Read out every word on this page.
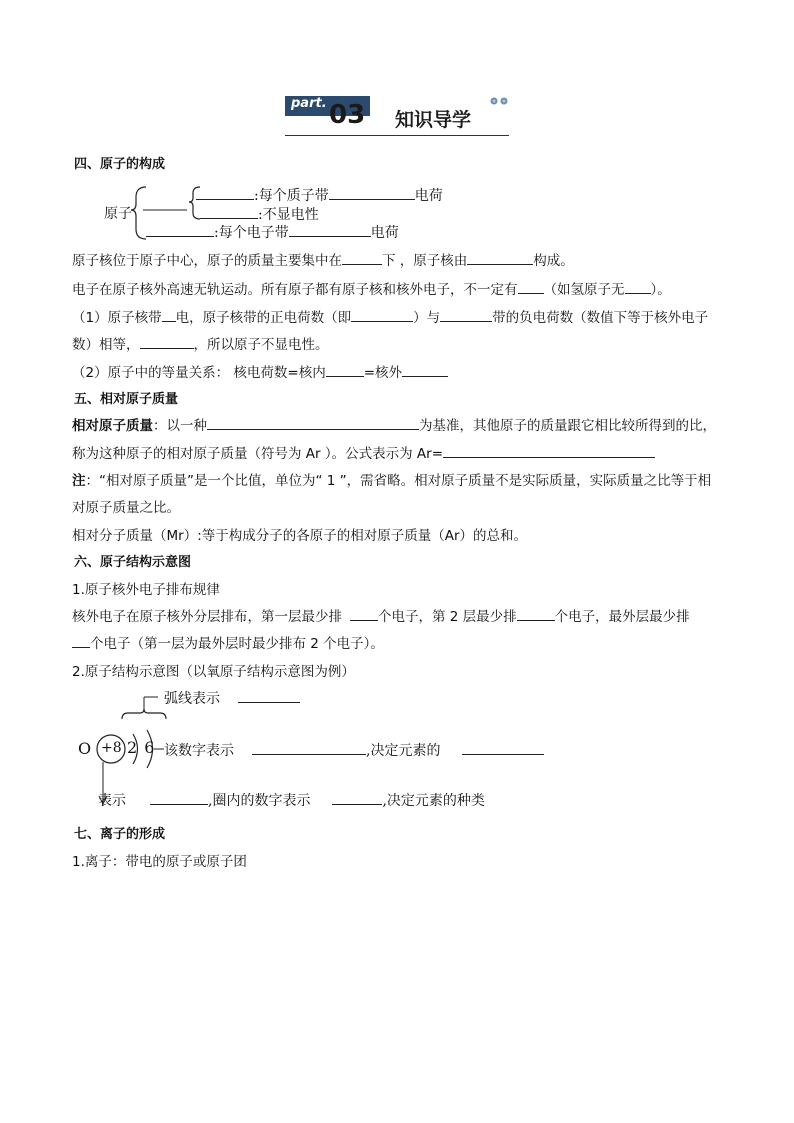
part. 03 知识导学
四、原子的构成
原子
:每个质子带	电荷
:不显电性
:每个电子带	电荷
原子核位于原子中心，原子的质量主要集中在	下 ，原子核由	构成。
电子在原子核外高速无轨运动。所有原子都有原子核和核外电子，不一定有 （如氢原子无 ）。
（1）原子核带 电，原子核带的正电荷数（即	）与	带的负电荷数（数值下等于核外电子
数）相等，	，所以原子不显电性。
（2）原子中的等量关系： 核电荷数=核内	=核外
五、相对原子质量
相对原子质量：以一种	为基准，其他原子的质量跟它相比较所得到的比，
称为这种原子的相对原子质量（符号为 Ar ）。公式表示为 Ar=
注：“相对原子质量”是一个比值，单位为“ 1 ”，需省略。相对原子质量不是实际质量，实际质量之比等于相
对原子质量之比。
相对分子质量（Mr）:等于构成分子的各原子的相对原子质量（Ar）的总和。
六、原子结构示意图
1.原子核外电子排布规律
核外电子在原子核外分层排布，第一层最少排	个电子，第 2 层最少排	个电子，最外层最少排
个电子（第一层为最外层时最少排布 2 个电子）。
2.原子结构示意图（以氧原子结构示意图为例）
O +8 2 6
弧线表示
该数字表示	,决定元素的
表示	,圈内的数字表示	,决定元素的种类
七、离子的形成
1.离子：带电的原子或原子团
